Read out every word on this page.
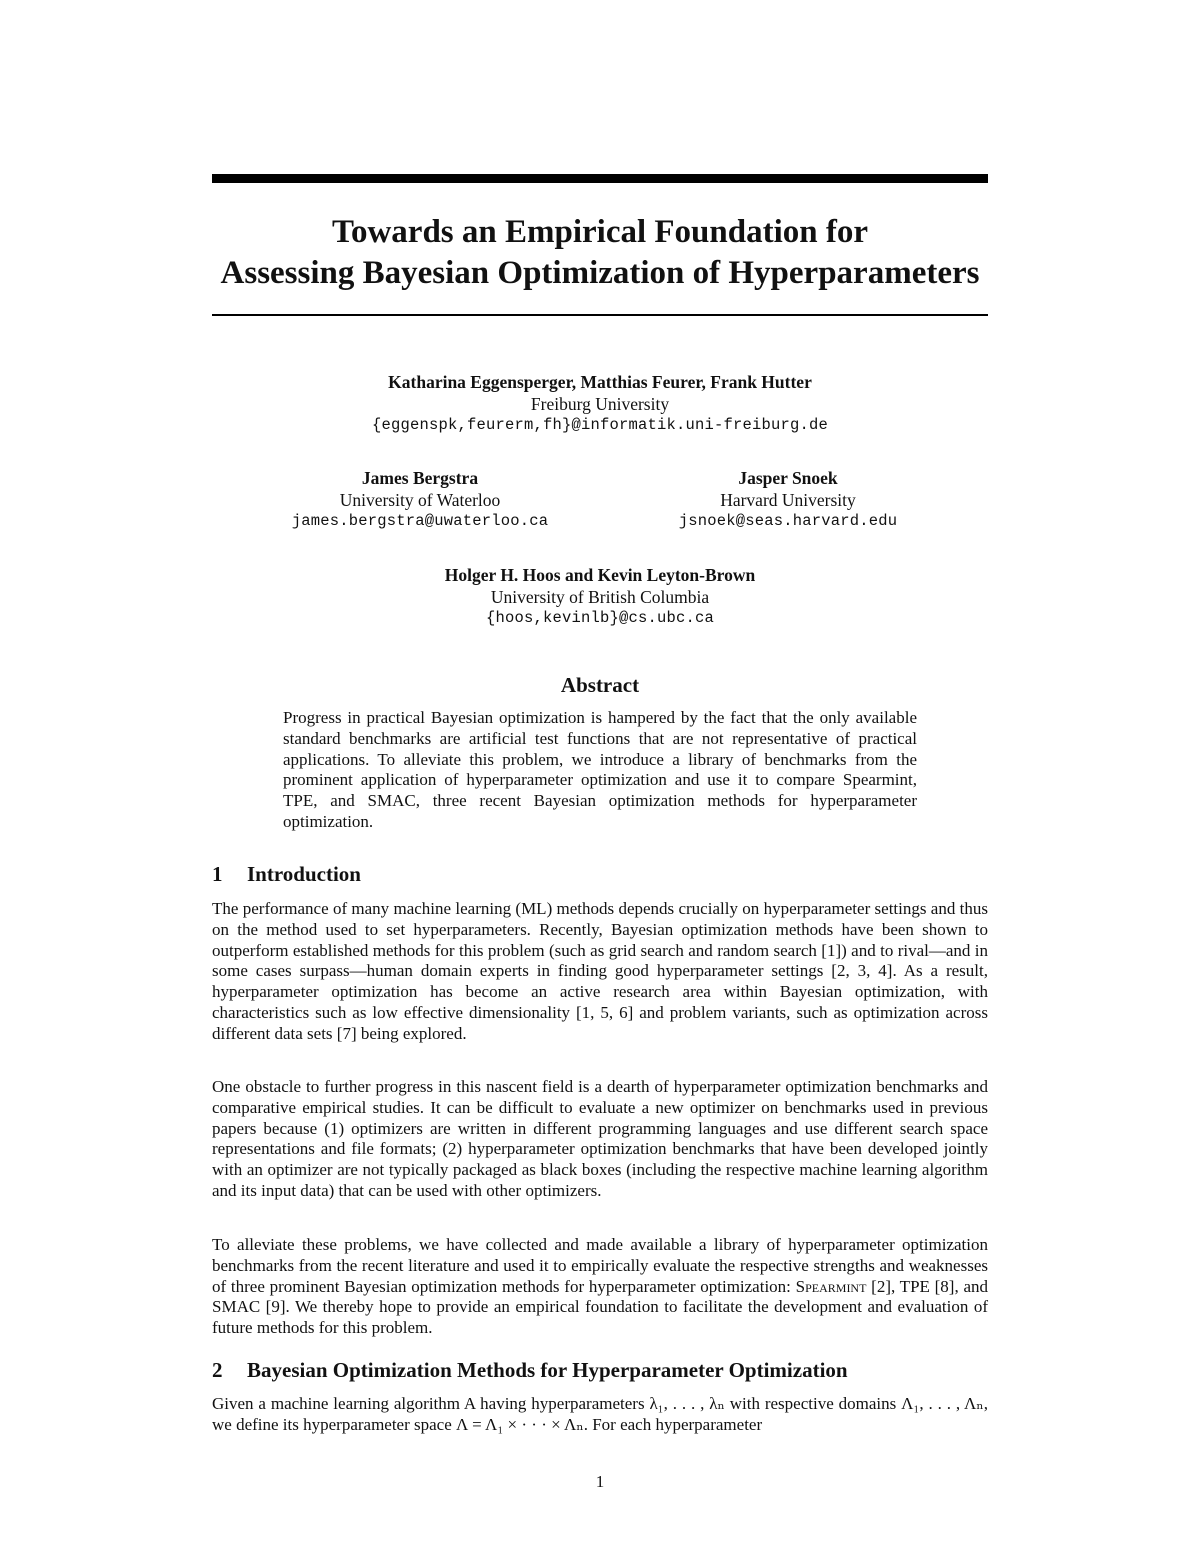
Towards an Empirical Foundation for
Assessing Bayesian Optimization of Hyperparameters
Katharina Eggensperger, Matthias Feurer, Frank Hutter
Freiburg University
{eggenspk,feurerm,fh}@informatik.uni-freiburg.de
James Bergstra
University of Waterloo
james.bergstra@uwaterloo.ca
Jasper Snoek
Harvard University
jsnoek@seas.harvard.edu
Holger H. Hoos and Kevin Leyton-Brown
University of British Columbia
{hoos,kevinlb}@cs.ubc.ca
Abstract

Progress in practical Bayesian optimization is hampered by the fact that the only available standard benchmarks are artificial test functions that are not representative of practical applications. To alleviate this problem, we introduce a library of benchmarks from the prominent application of hyperparameter optimization and use it to compare Spearmint, TPE, and SMAC, three recent Bayesian optimization methods for hyperparameter optimization.

1 Introduction

The performance of many machine learning (ML) methods depends crucially on hyperparameter settings and thus on the method used to set hyperparameters. Recently, Bayesian optimization methods have been shown to outperform established methods for this problem (such as grid search and random search [1]) and to rival—and in some cases surpass—human domain experts in finding good hyperparameter settings [2, 3, 4]. As a result, hyperparameter optimization has become an active research area within Bayesian optimization, with characteristics such as low effective dimensionality [1, 5, 6] and problem variants, such as optimization across different data sets [7] being explored.

One obstacle to further progress in this nascent field is a dearth of hyperparameter optimization benchmarks and comparative empirical studies. It can be difficult to evaluate a new optimizer on benchmarks used in previous papers because (1) optimizers are written in different programming languages and use different search space representations and file formats; (2) hyperparameter optimization benchmarks that have been developed jointly with an optimizer are not typically packaged as black boxes (including the respective machine learning algorithm and its input data) that can be used with other optimizers.

To alleviate these problems, we have collected and made available a library of hyperparameter optimization benchmarks from the recent literature and used it to empirically evaluate the respective strengths and weaknesses of three prominent Bayesian optimization methods for hyperparameter optimization: Spearmint [2], TPE [8], and SMAC [9]. We thereby hope to provide an empirical foundation to facilitate the development and evaluation of future methods for this problem.

2 Bayesian Optimization Methods for Hyperparameter Optimization

Given a machine learning algorithm A having hyperparameters λ₁, . . . , λₙ with respective domains Λ₁, . . . , Λₙ, we define its hyperparameter space Λ = Λ₁ × · · · × Λₙ. For each hyperparameter

1
